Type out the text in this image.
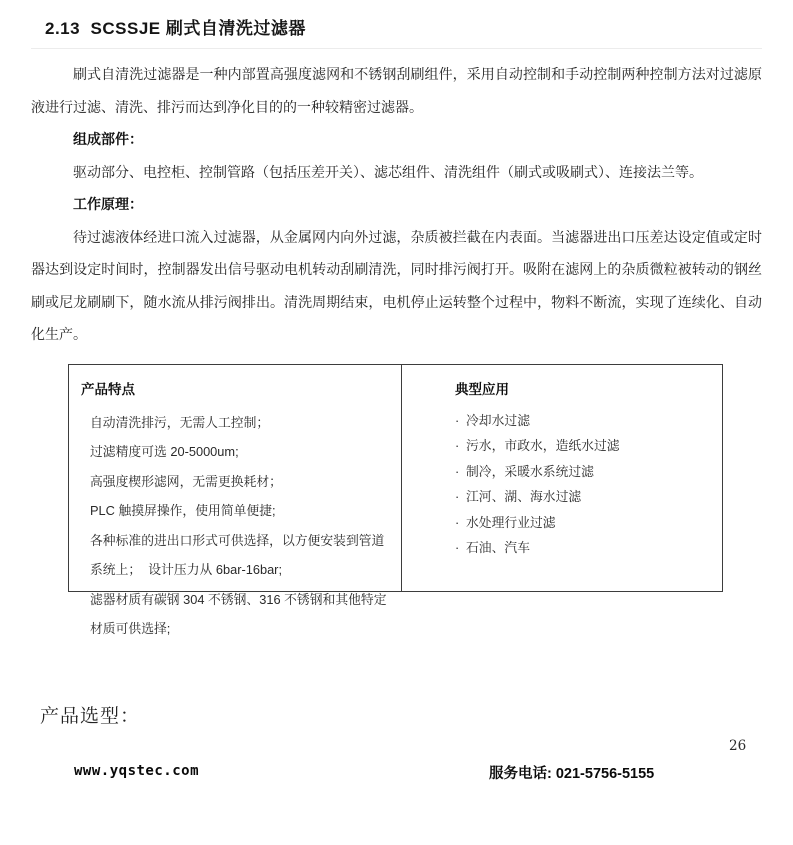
2.13  SCSSJE 刷式自清洗过滤器

刷式自清洗过滤器是一种内部置高强度滤网和不锈钢刮刷组件，采用自动控制和手动控制两种控制方法对过滤原液进行过滤、清洗、排污而达到净化目的的一种较精密过滤器。

组成部件：

驱动部分、电控柜、控制管路（包括压差开关）、滤芯组件、清洗组件（刷式或吸刷式）、连接法兰等。

工作原理：

待过滤液体经进口流入过滤器，从金属网内向外过滤，杂质被拦截在内表面。当滤器进出口压差达设定值或定时器达到设定时间时，控制器发出信号驱动电机转动刮刷清洗，同时排污阀打开。吸附在滤网上的杂质微粒被转动的钢丝刷或尼龙刷刷下，随水流从排污阀排出。清洗周期结束，电机停止运转整个过程中，物料不断流，实现了连续化、自动化生产。

产品特点
自动清洗排污，无需人工控制；
过滤精度可选 20-5000um;
高强度楔形滤网，无需更换耗材；
PLC 触摸屏操作，使用简单便捷;
各种标准的进出口形式可供选择，以方便安装到管道
系统上；  设计压力从 6bar-16bar;
滤器材质有碳钢 304 不锈钢、316 不锈钢和其他特定材质可供选择;
典型应用
· 冷却水过滤
· 污水，市政水，造纸水过滤
· 制冷，采暖水系统过滤
· 江河、湖、海水过滤
· 水处理行业过滤
· 石油、汽车
产品选型：
26
www.yqstec.com	服务电话: 021-5756-5155
